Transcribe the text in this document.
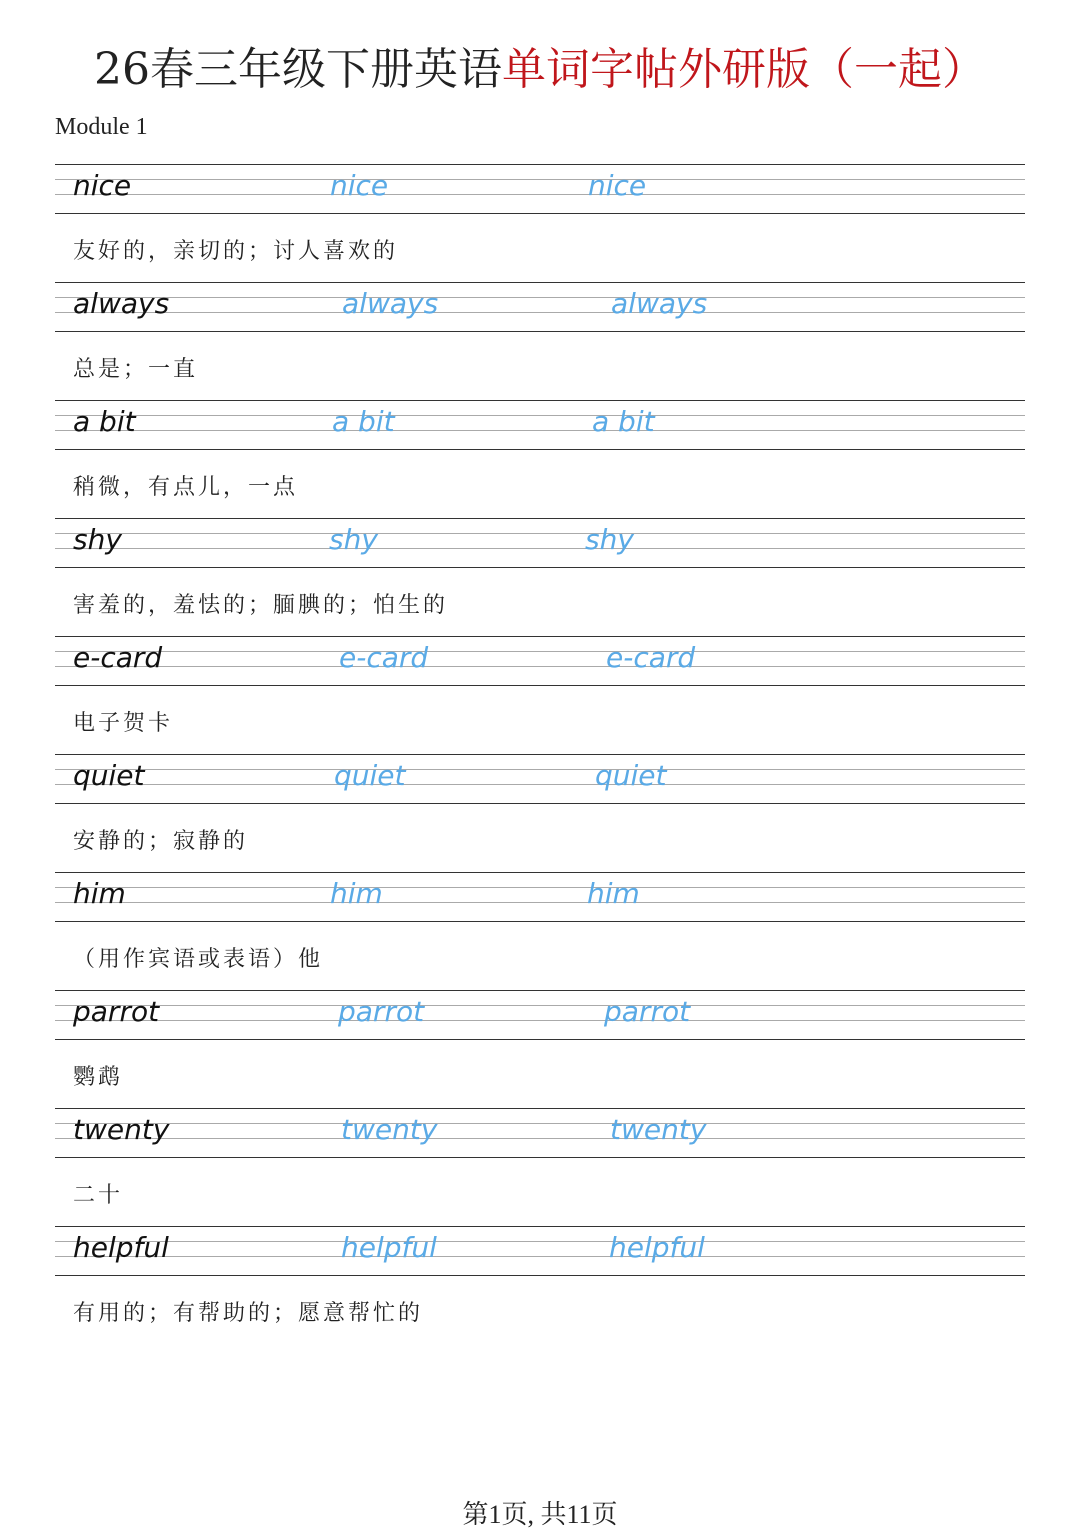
26春三年级下册英语单词字帖外研版（一起）
Module 1
nice	nice	nice
友好的，亲切的；讨人喜欢的
always	always	always
总是；一直
a bit	a bit	a bit
稍微，有点儿，一点
shy	shy	shy
害羞的，羞怯的；腼腆的；怕生的
e-card	e-card	e-card
电子贺卡
quiet	quiet	quiet
安静的；寂静的
him	him	him
（用作宾语或表语）他
parrot	parrot	parrot
鹦鹉
twenty	twenty	twenty
二十
helpful	helpful	helpful
有用的；有帮助的；愿意帮忙的
第1页, 共11页
